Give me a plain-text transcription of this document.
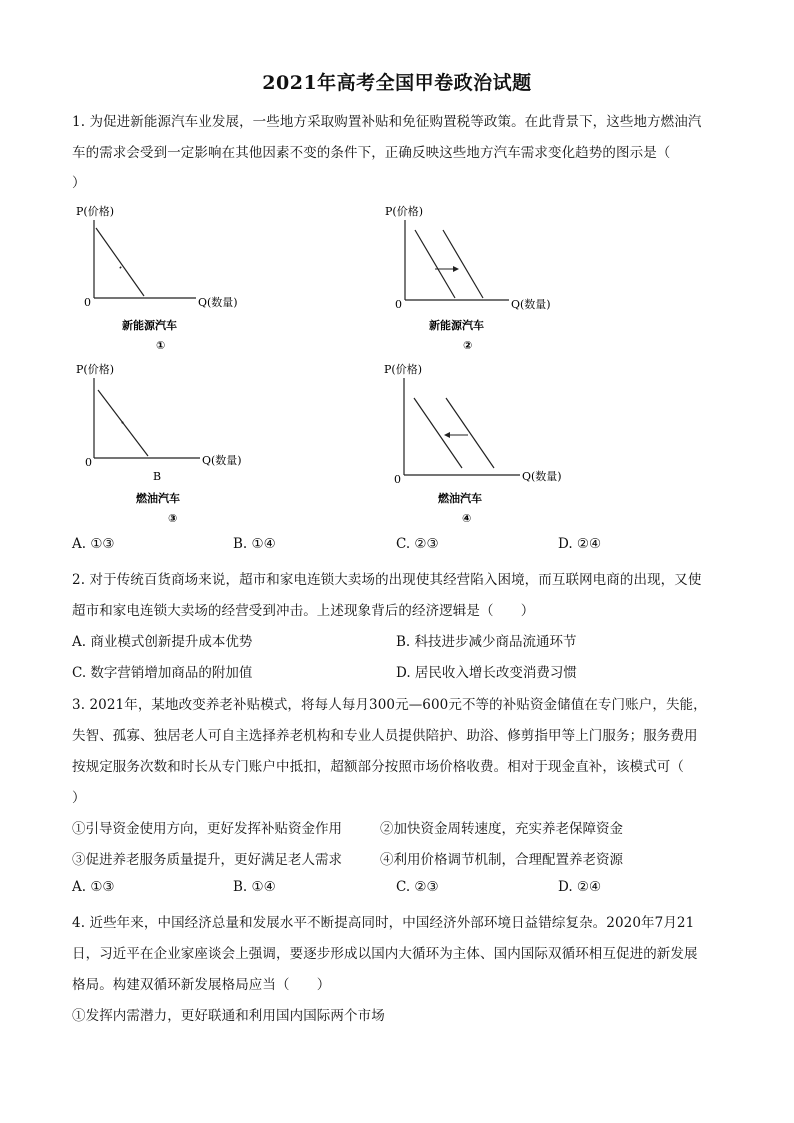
2021年高考全国甲卷政治试题
1. 为促进新能源汽车业发展，一些地方采取购置补贴和免征购置税等政策。在此背景下，这些地方燃油汽
车的需求会受到一定影响在其他因素不变的条件下，正确反映这些地方汽车需求变化趋势的图示是（
）
P(价格)
0	Q(数量)
新能源汽车
①
P(价格)
0	Q(数量)
新能源汽车
②
P(价格)
0	Q(数量)
B
燃油汽车
③
P(价格)
0	Q(数量)
燃油汽车
④
A. ①③	B. ①④	C. ②③	D. ②④
2. 对于传统百货商场来说，超市和家电连锁大卖场的出现使其经营陷入困境，而互联网电商的出现，又使
超市和家电连锁大卖场的经营受到冲击。上述现象背后的经济逻辑是（　　）
A. 商业模式创新提升成本优势	B. 科技进步减少商品流通环节
C. 数字营销增加商品的附加值	D. 居民收入增长改变消费习惯
3. 2021年，某地改变养老补贴模式，将每人每月300元—600元不等的补贴资金储值在专门账户，失能，
失智、孤寡、独居老人可自主选择养老机构和专业人员提供陪护、助浴、修剪指甲等上门服务；服务费用
按规定服务次数和时长从专门账户中抵扣，超额部分按照市场价格收费。相对于现金直补，该模式可（
）
①引导资金使用方向，更好发挥补贴资金作用	②加快资金周转速度，充实养老保障资金
③促进养老服务质量提升，更好满足老人需求	④利用价格调节机制，合理配置养老资源
A. ①③	B. ①④	C. ②③	D. ②④
4. 近些年来，中国经济总量和发展水平不断提高同时，中国经济外部环境日益错综复杂。2020年7月21
日，习近平在企业家座谈会上强调，要逐步形成以国内大循环为主体、国内国际双循环相互促进的新发展
格局。构建双循环新发展格局应当（　　）
①发挥内需潜力，更好联通和利用国内国际两个市场
